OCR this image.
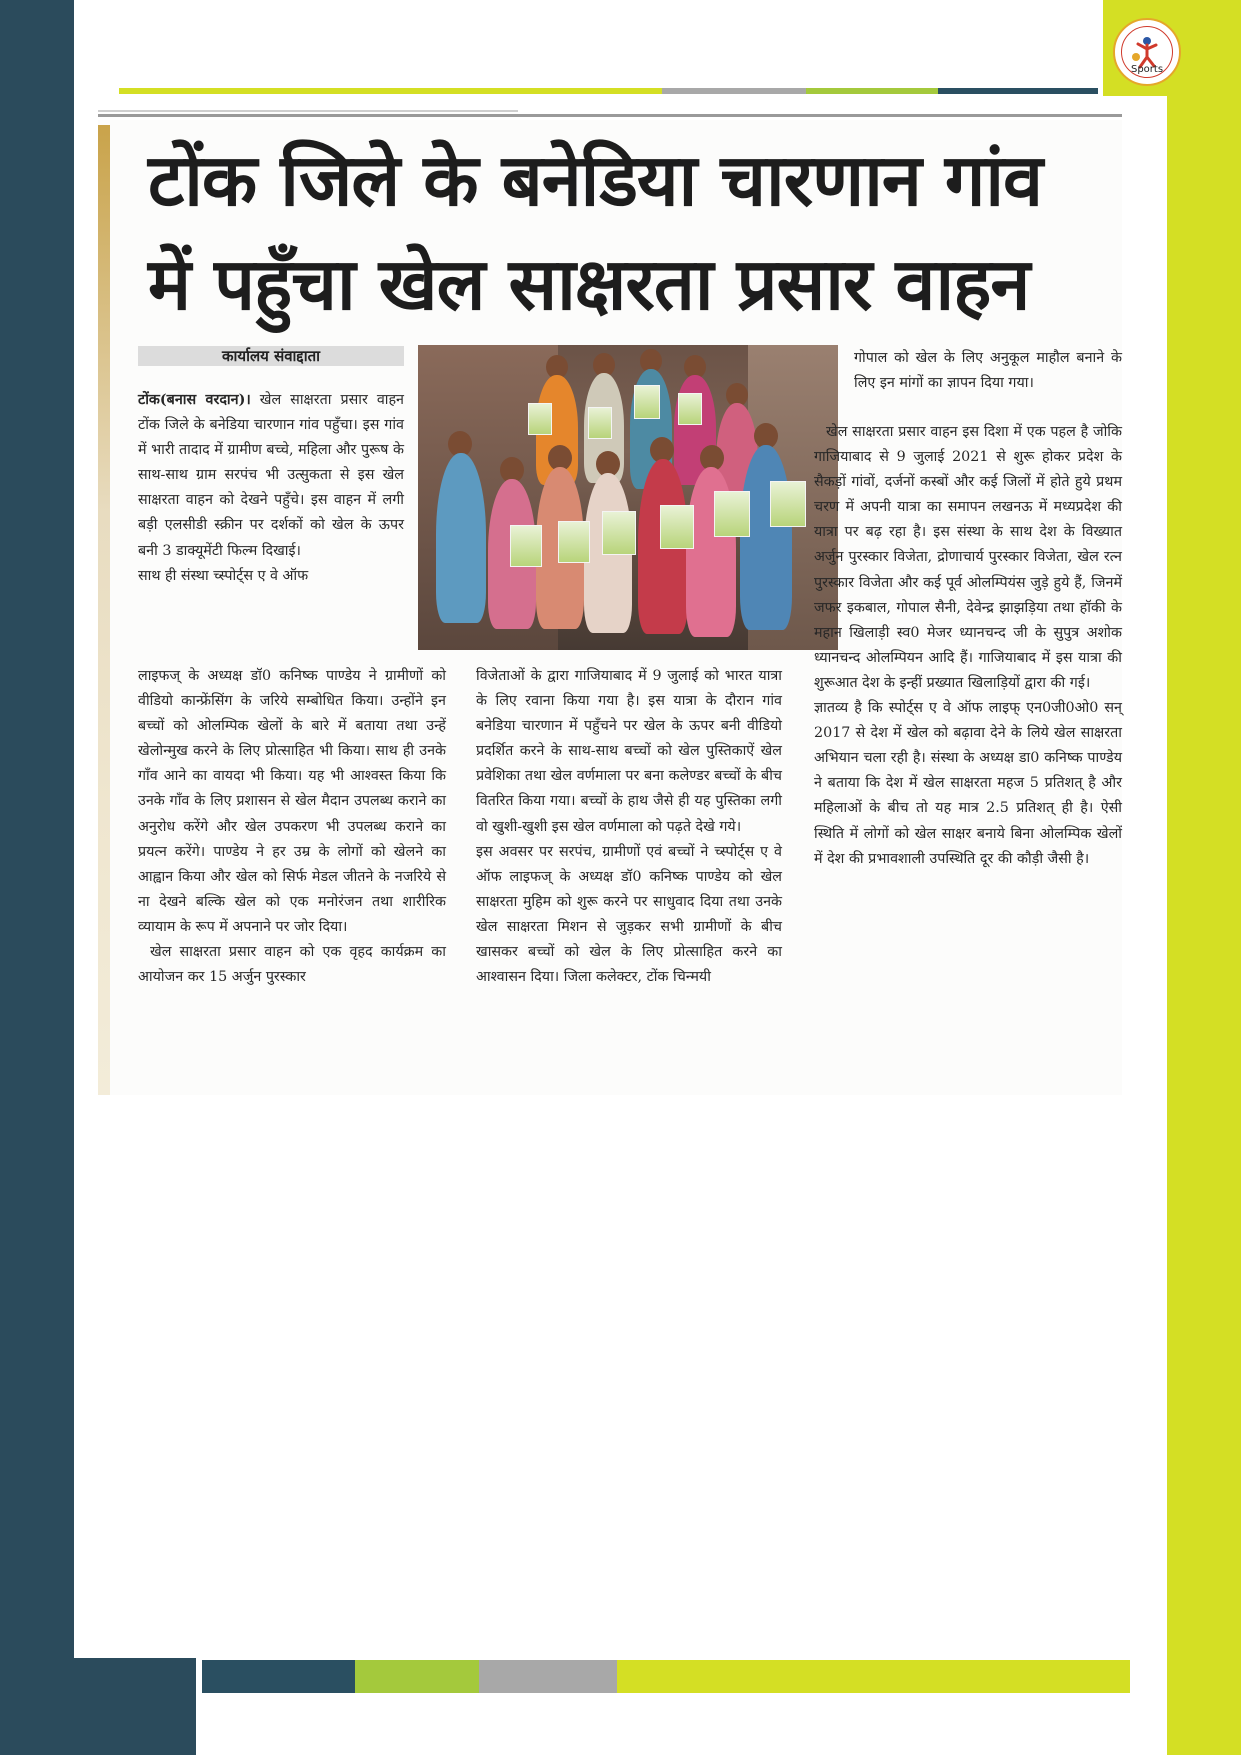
Sports
टोंक जिले के बनेडिया चारणान गांव
में पहुँचा खेल साक्षरता प्रसार वाहन
कार्यालय संवाद्दाता

टोंक(बनास वरदान)। खेल साक्षरता प्रसार वाहन टोंक जिले के बनेडिया चारणान गांव पहुँचा। इस गांव में भारी तादाद में ग्रामीण बच्चे, महिला और पुरूष के साथ-साथ ग्राम सरपंच भी उत्सुकता से इस खेल साक्षरता वाहन को देखने पहुँचे। इस वाहन में लगी बड़ी एलसीडी स्क्रीन पर दर्शकों को खेल के ऊपर बनी 3 डाक्यूमेंटी फिल्म दिखाई।

साथ ही संस्था च्स्पोर्ट्स ए वे ऑफ

लाइफज् के अध्यक्ष डॉ0 कनिष्क पाण्डेय ने ग्रामीणों को वीडियो कान्फ्रेंसिंग के जरिये सम्बोधित किया। उन्होंने इन बच्चों को ओलम्पिक खेलों के बारे में बताया तथा उन्हें खेलोन्मुख करने के लिए प्रोत्साहित भी किया। साथ ही उनके गाँव आने का वायदा भी किया। यह भी आश्वस्त किया कि उनके गाँव के लिए प्रशासन से खेल मैदान उपलब्ध कराने का अनुरोध करेंगे और खेल उपकरण भी उपलब्ध कराने का प्रयत्न करेंगे। पाण्डेय ने हर उम्र के लोगों को खेलने का आह्वान किया और खेल को सिर्फ मेडल जीतने के नजरिये से ना देखने बल्कि खेल को एक मनोरंजन तथा शारीरिक व्यायाम के रूप में अपनाने पर जोर दिया।

खेल साक्षरता प्रसार वाहन को एक वृहद कार्यक्रम का आयोजन कर 15 अर्जुन पुरस्कार

विजेताओं के द्वारा गाजियाबाद में 9 जुलाई को भारत यात्रा के लिए रवाना किया गया है। इस यात्रा के दौरान गांव बनेडिया चारणान में पहुँचने पर खेल के ऊपर बनी वीडियो प्रदर्शित करने के साथ-साथ बच्चों को खेल पुस्तिकाऐं खेल प्रवेशिका तथा खेल वर्णमाला पर बना कलेण्डर बच्चों के बीच वितरित किया गया। बच्चों के हाथ जैसे ही यह पुस्तिका लगी वो खुशी-खुशी इस खेल वर्णमाला को पढ़ते देखे गये।

इस अवसर पर सरपंच, ग्रामीणों एवं बच्चों ने च्स्पोर्ट्स ए वे ऑफ लाइफज् के अध्यक्ष डॉ0 कनिष्क पाण्डेय को खेल साक्षरता मुहिम को शुरू करने पर साधुवाद दिया तथा उनके खेल साक्षरता मिशन से जुड़कर सभी ग्रामीणों के बीच खासकर बच्चों को खेल के लिए प्रोत्साहित करने का आश्वासन दिया। जिला कलेक्टर, टोंक चिन्मयी

गोपाल को खेल के लिए अनुकूल माहौल बनाने के लिए इन मांगों का ज्ञापन दिया गया।

खेल साक्षरता प्रसार वाहन इस दिशा में एक पहल है जोकि गाजियाबाद से 9 जुलाई 2021 से शुरू होकर प्रदेश के सैकड़ों गांवों, दर्जनों कस्बों और कई जिलों में होते हुये प्रथम चरण में अपनी यात्रा का समापन लखनऊ में मध्यप्रदेश की यात्रा पर बढ़ रहा है। इस संस्था के साथ देश के विख्यात अर्जुन पुरस्कार विजेता, द्रोणाचार्य पुरस्कार विजेता, खेल रत्न पुरस्कार विजेता और कई पूर्व ओलम्पियंस जुड़े हुये हैं, जिनमें जफर इकबाल, गोपाल सैनी, देवेन्द्र झाझड़िया तथा हॉकी के महान खिलाड़ी स्व0 मेजर ध्यानचन्द जी के सुपुत्र अशोक ध्यानचन्द ओलम्पियन आदि हैं। गाजियाबाद में इस यात्रा की शुरूआत देश के इन्हीं प्रख्यात खिलाड़ियों द्वारा की गई।

ज्ञातव्य है कि स्पोर्ट्स ए वे ऑफ लाइफ् एन0जी0ओ0 सन् 2017 से देश में खेल को बढ़ावा देने के लिये खेल साक्षरता अभियान चला रही है। संस्था के अध्यक्ष डा0 कनिष्क पाण्डेय ने बताया कि देश में खेल साक्षरता महज 5 प्रतिशत् है और महिलाओं के बीच तो यह मात्र 2.5 प्रतिशत् ही है। ऐसी स्थिति में लोगों को खेल साक्षर बनाये बिना ओलम्पिक खेलों में देश की प्रभावशाली उपस्थिति दूर की कौड़ी जैसी है।
